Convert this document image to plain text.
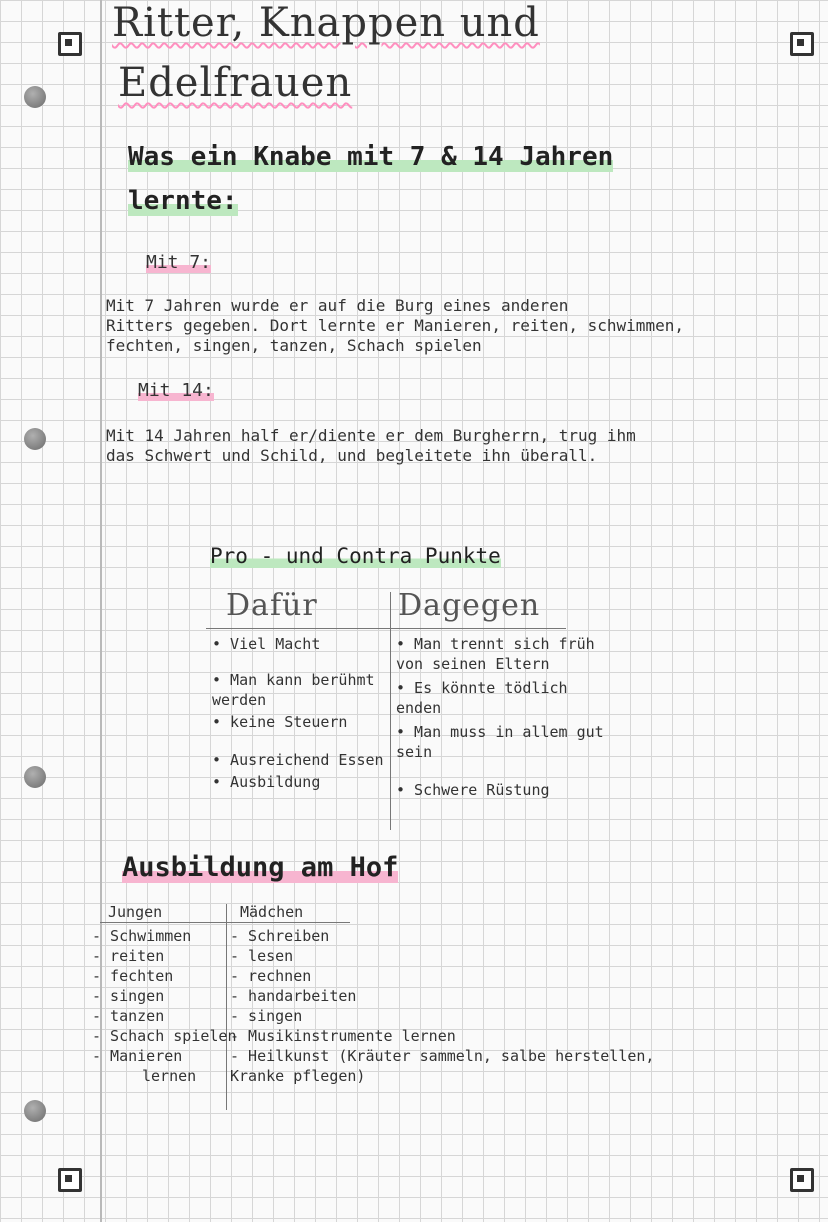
Ritter, Knappen und
Edelfrauen
Was ein Knabe mit 7 & 14 Jahren
lernte:
Mit 7:
Mit 7 Jahren wurde er auf die Burg eines anderen
Ritters gegeben. Dort lernte er Manieren, reiten, schwimmen,
fechten, singen, tanzen, Schach spielen
Mit 14:
Mit 14 Jahren half er/diente er dem Burgherrn, trug ihm
das Schwert und Schild, und begleitete ihn überall.
Pro - und Contra Punkte
Dafür	Dagegen
• Viel Macht
• Man kann berühmt werden
• keine Steuern
• Ausreichend Essen
• Ausbildung
• Man trennt sich früh von seinen Eltern
• Es könnte tödlich enden
• Man muss in allem gut sein
• Schwere Rüstung
Ausbildung am Hof
Jungen	Mädchen
- Schwimmen
- reiten
- fechten
- singen
- tanzen
- Schach spielen
- Manieren
lernen
- Schreiben
- lesen
- rechnen
- handarbeiten
- singen
- Musikinstrumente lernen
- Heilkunst (Kräuter sammeln, salbe herstellen,
Kranke pflegen)
